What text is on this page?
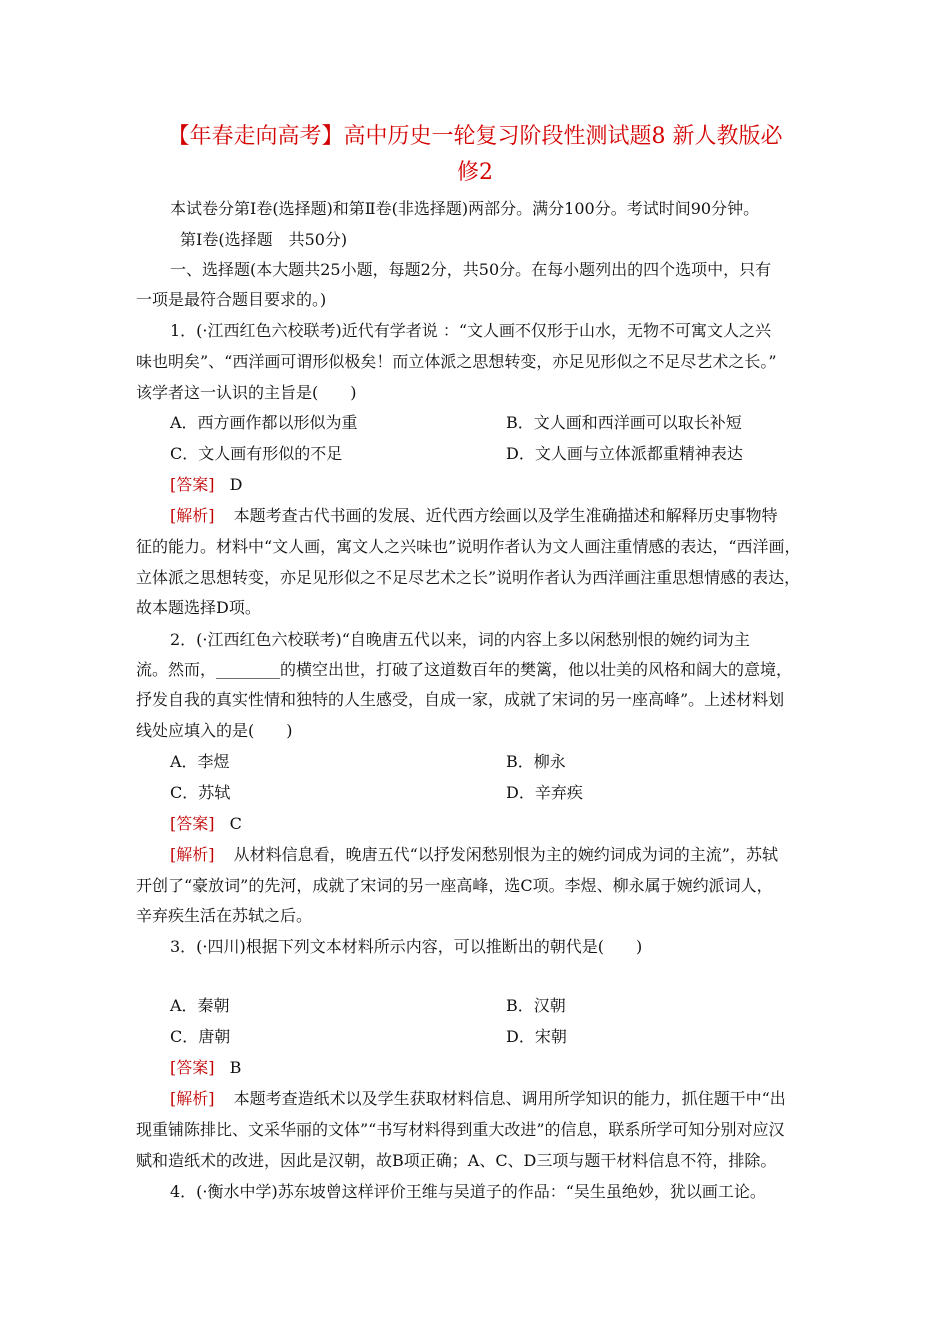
【年春走向高考】高中历史一轮复习阶段性测试题8 新人教版必
修2
本试卷分第Ⅰ卷(选择题)和第Ⅱ卷(非选择题)两部分。满分100分。考试时间90分钟。
第Ⅰ卷(选择题　共50分)
一、选择题(本大题共25小题，每题2分，共50分。在每小题列出的四个选项中，只有
一项是最符合题目要求的。)
1．(·江西红色六校联考)近代有学者说 ：“文人画不仅形于山水，无物不可寓文人之兴
味也明矣”、“西洋画可谓形似极矣！而立体派之思想转变，亦足见形似之不足尽艺术之长。”
该学者这一认识的主旨是(　　)
A．西方画作都以形似为重	B．文人画和西洋画可以取长补短
C．文人画有形似的不足	D．文人画与立体派都重精神表达
[答案] D
[解析] 本题考查古代书画的发展、近代西方绘画以及学生准确描述和解释历史事物特
征的能力。材料中“文人画，寓文人之兴味也”说明作者认为文人画注重情感的表达，“西洋画，
立体派之思想转变，亦足见形似之不足尽艺术之长”说明作者认为西洋画注重思想情感的表达，
故本题选择D项。
2．(·江西红色六校联考)“自晚唐五代以来，词的内容上多以闲愁别恨的婉约词为主
流。然而，________的横空出世，打破了这道数百年的樊篱，他以壮美的风格和阔大的意境，
抒发自我的真实性情和独特的人生感受，自成一家，成就了宋词的另一座高峰”。上述材料划
线处应填入的是(　　)
A．李煜	B．柳永
C．苏轼	D．辛弃疾
[答案] C
[解析] 从材料信息看，晚唐五代“以抒发闲愁别恨为主的婉约词成为词的主流”，苏轼
开创了“豪放词”的先河，成就了宋词的另一座高峰，选C项。李煜、柳永属于婉约派词人，
辛弃疾生活在苏轼之后。
3．(·四川)根据下列文本材料所示内容，可以推断出的朝代是(　　)
A．秦朝	B．汉朝
C．唐朝	D．宋朝
[答案] B
[解析] 本题考查造纸术以及学生获取材料信息、调用所学知识的能力，抓住题干中“出
现重铺陈排比、文采华丽的文体”“书写材料得到重大改进”的信息，联系所学可知分别对应汉
赋和造纸术的改进，因此是汉朝，故B项正确；A、C、D三项与题干材料信息不符，排除。
4．(·衡水中学)苏东坡曾这样评价王维与吴道子的作品：“吴生虽绝妙，犹以画工论。
